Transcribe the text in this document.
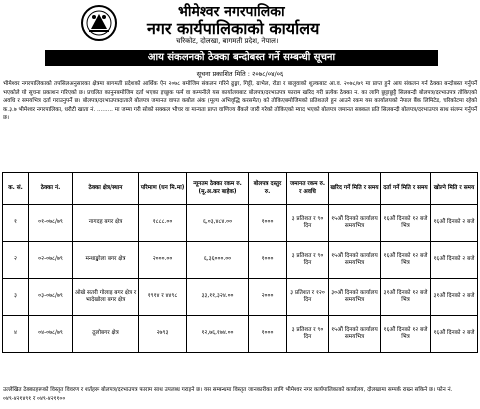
भीमेश्वर नगरपालिका
नगर कार्यपालिकाको कार्यालय
चरिकोट, दोलखा, बागमती प्रदेश, नेपाल।
आय संकलनको ठेक्का बन्दोबस्त गर्ने सम्बन्धी सूचना
सूचना प्रकाशित मिति : २०७८/०४/०६
भीमेश्वर नगरपालिकाको तपसिलअनुसारका क्षेत्रमा बागमती प्रदेशको आर्थिक ऐन २०७८ बमोजिम संकलन गरिने ढुङ्गा, गिट्टी, ग्राभेल, रोडा र बालुवाको शुल्कबाट आ.व. २०७८/७९ मा प्राप्त हुने आय संकलन गर्न ठेक्का बन्दोबस्त गर्नुपर्ने भएकोले यो सूचना प्रकाशन गरिएको छ। प्रचलित कानुनबमोजिम दर्ता भएका इच्छुक फर्म वा कम्पनीले यस कार्यालयबाट बोलपत्र/दरभाउपत्र फाराम खरिद गरी प्रत्येक ठेक्का न. का लागि छुट्टाछुट्टै सिलबन्दी बोलपत्र/दरभाउपत्र तोकिएको अवधि र समयभित्र दर्ता गराउनुपर्ने छ। बोलपत्र/दरभाउपत्रदाताले बोलपत्र जमानत वापत कबोल अंक (मूल्य अभिवृद्धि करसमेत) को तोकिएबमोजिमको प्रतिशतले हुन आउने रकम यस कार्यालयको नेपाल बैंक लिमिटेड, चरिकोटमा रहेको क.३.७ भीमेश्वर नगरपालिका, धरौटी खाता नं. ......... मा जम्मा गरी सोको सक्कल भौचर वा मान्यता प्राप्त वाणिज्य बैंकले जारी गरेको तोकिएको म्याद भएको बोलपत्र जमानत सक्कल प्रति सिलबन्दी बोलपत्र/दरभाउपत्र साथ संलग्न गर्नुपर्ने छ।
क. सं.	ठेक्का नं.	ठेक्का क्षेत्र/स्थान	परिमाण (घन मि.मा)	न्यूनतम ठेक्का रकम रु. (मू.अ.कर बाहेक)	बोलपत्र दस्तुर रु.	जमानत रकम रु. र अवधि	खरिद गर्ने मिति र समय	दर्ता गर्ने मिति र समय	खोल्ने मिति र समय
१	०१-०७८/७९	नागदह बगर क्षेत्र	१८८८.००	६,०३,४८४.००	१०००	३ प्रतिशत र ९० दिन	१५औं दिनको कार्यालय समयभित्र	१६औं दिनको १२ बजे भित्र	१६औं दिनको २ बजे
२	०२-०७८/७९	मन्थाङ्खोला बगर क्षेत्र	२०००.००	६,३६०००.००	१०००	३ प्रतिशत र ९० दिन	१५औं दिनको कार्यालय समयभित्र	१६औं दिनको १२ बजे भित्र	१६औं दिनको २ बजे
३	०३-०७८/७९	ओखे सतरी गोलाइ बगर क्षेत्र र भादेखोला बगर क्षेत्र	१९१४ र ४४९८	३३,११,३२४.००	२०००	३ प्रतिशत र १२० दिन	३०औं दिनको कार्यालय समयभित्र	३१औं दिनको १२ बजे भित्र	३१औं दिनको २ बजे
४	०४-०७८/७९	ठूलोबगर क्षेत्र	२७९३	१२,७६,१७४.००	१०००	३ प्रतिशत र ९० दिन	१५औं दिनको कार्यालय समयभित्र	१६औं दिनको १२ बजे भित्र	१६औं दिनको २ बजे
उल्लेखित ठेक्काहरूको विस्तृत विवरण र शर्तहरू बोलपत्र/दरभाउपत्र फाराम साथ उपलब्ध गराइने छ। यस सम्बन्धमा विस्तृत जानकारीका लागि भीमेश्वर नगर कार्यपालिकाको कार्यालय, दोलखामा सम्पर्क राख्न सकिने छ। फोन नं. ०४९-४२१४९१ र ०४९-४२११००
